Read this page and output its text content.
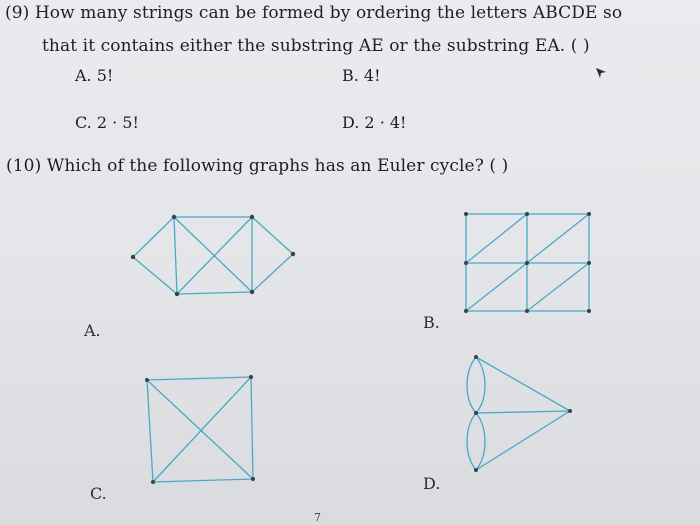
(9) How many strings can be formed by ordering the letters ABCDE so
that it contains either the substring AE or the substring EA. ( )
A. 5!	B. 4!
C. 2 · 5!	D. 2 · 4!
(10) Which of the following graphs has an Euler cycle? ( )
A.	B.
C.
D.
7
